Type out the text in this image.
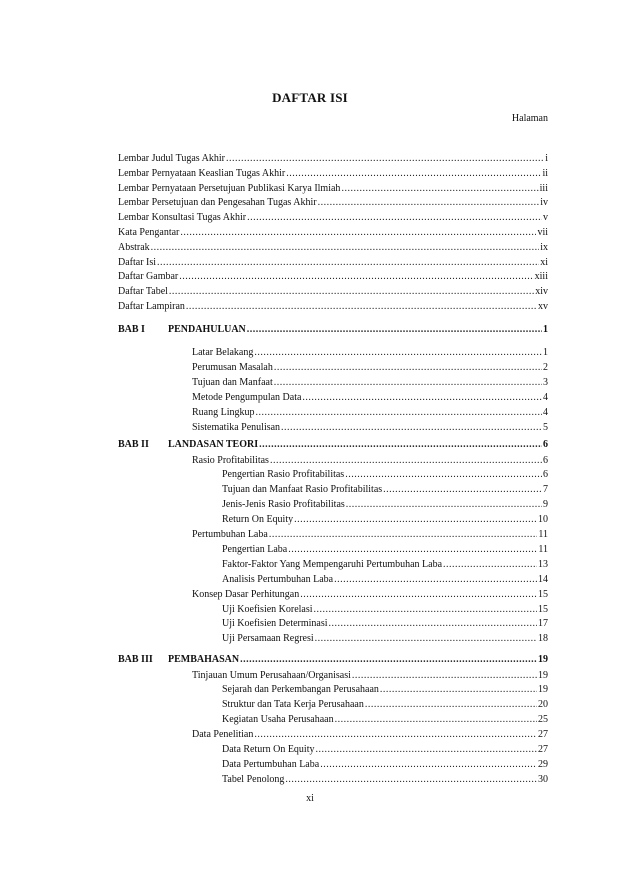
DAFTAR ISI
Halaman
Lembar Judul Tugas Akhir .....	i
Lembar Pernyataan Keaslian Tugas Akhir .....	ii
Lembar Pernyataan Persetujuan Publikasi Karya Ilmiah .....	iii
Lembar Persetujuan dan Pengesahan Tugas Akhir .....	iv
Lembar Konsultasi Tugas Akhir .....	v
Kata Pengantar .....	vii
Abstrak .....	ix
Daftar Isi .....	xi
Daftar Gambar .....	xiii
Daftar Tabel .....	xiv
Daftar Lampiran .....	xv
BAB I PENDAHULUAN .....	1
Latar Belakang .....	1
Perumusan Masalah .....	2
Tujuan dan Manfaat .....	3
Metode Pengumpulan Data .....	4
Ruang Lingkup .....	4
Sistematika Penulisan .....	5
BAB II LANDASAN TEORI .....	6
Rasio Profitabilitas .....	6
Pengertian Rasio Profitabilitas .....	6
Tujuan dan Manfaat Rasio Profitabilitas .....	7
Jenis-Jenis Rasio Profitabilitas .....	9
Return On Equity .....	10
Pertumbuhan Laba .....	11
Pengertian Laba .....	11
Faktor-Faktor Yang Mempengaruhi Pertumbuhan Laba .....	13
Analisis Pertumbuhan Laba .....	14
Konsep Dasar Perhitungan .....	15
Uji Koefisien Korelasi .....	15
Uji Koefisien Determinasi .....	17
Uji Persamaan Regresi .....	18
BAB III PEMBAHASAN .....	19
Tinjauan Umum Perusahaan/Organisasi .....	19
Sejarah dan Perkembangan Perusahaan .....	19
Struktur dan Tata Kerja Perusahaan .....	20
Kegiatan Usaha Perusahaan .....	25
Data Penelitian .....	27
Data Return On Equity .....	27
Data Pertumbuhan Laba .....	29
Tabel Penolong .....	30
xi
